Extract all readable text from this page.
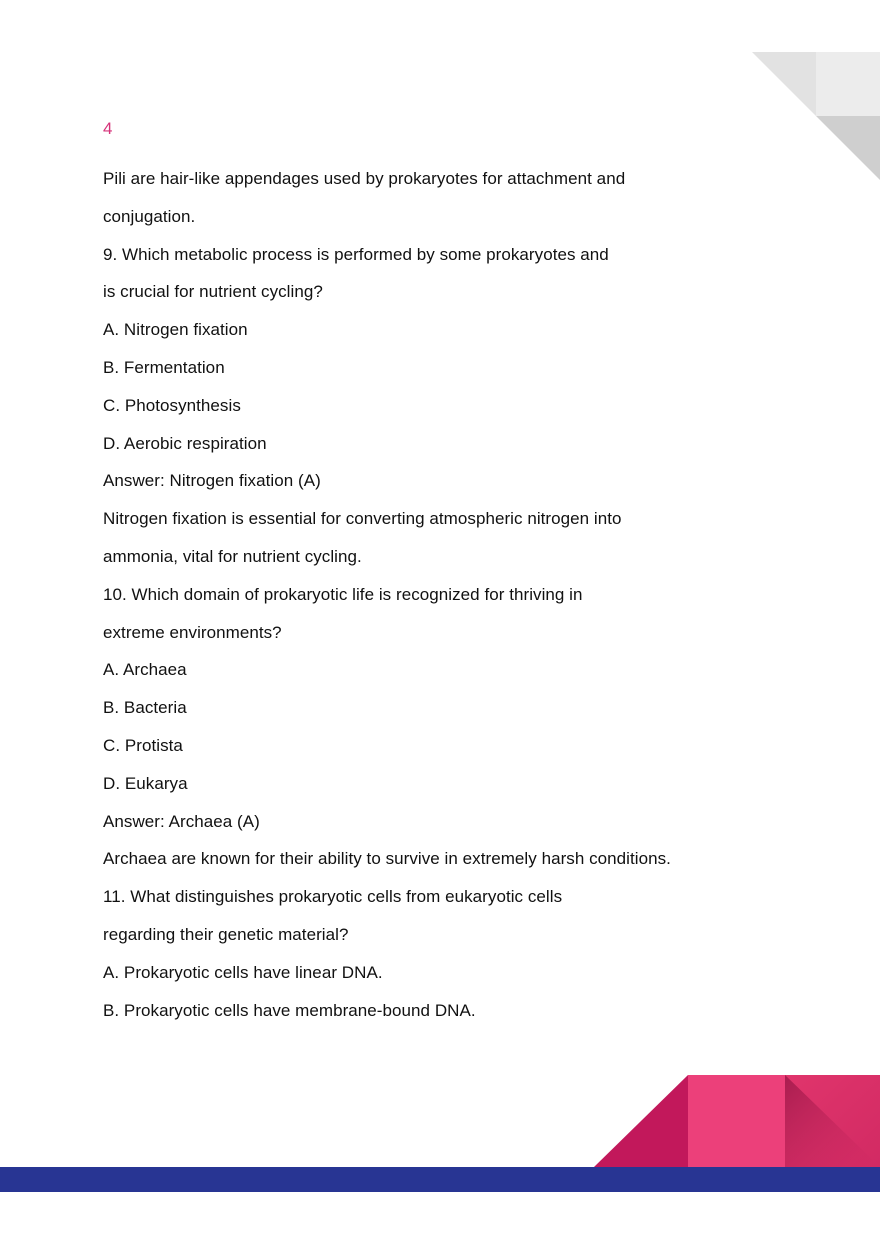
4
Pili are hair-like appendages used by prokaryotes for attachment and
conjugation.
9. Which metabolic process is performed by some prokaryotes and
is crucial for nutrient cycling?
A. Nitrogen fixation
B. Fermentation
C. Photosynthesis
D. Aerobic respiration
Answer: Nitrogen fixation (A)
Nitrogen fixation is essential for converting atmospheric nitrogen into
ammonia, vital for nutrient cycling.
10. Which domain of prokaryotic life is recognized for thriving in
extreme environments?
A. Archaea
B. Bacteria
C. Protista
D. Eukarya
Answer: Archaea (A)
Archaea are known for their ability to survive in extremely harsh conditions.
11. What distinguishes prokaryotic cells from eukaryotic cells
regarding their genetic material?
A. Prokaryotic cells have linear DNA.
B. Prokaryotic cells have membrane-bound DNA.
